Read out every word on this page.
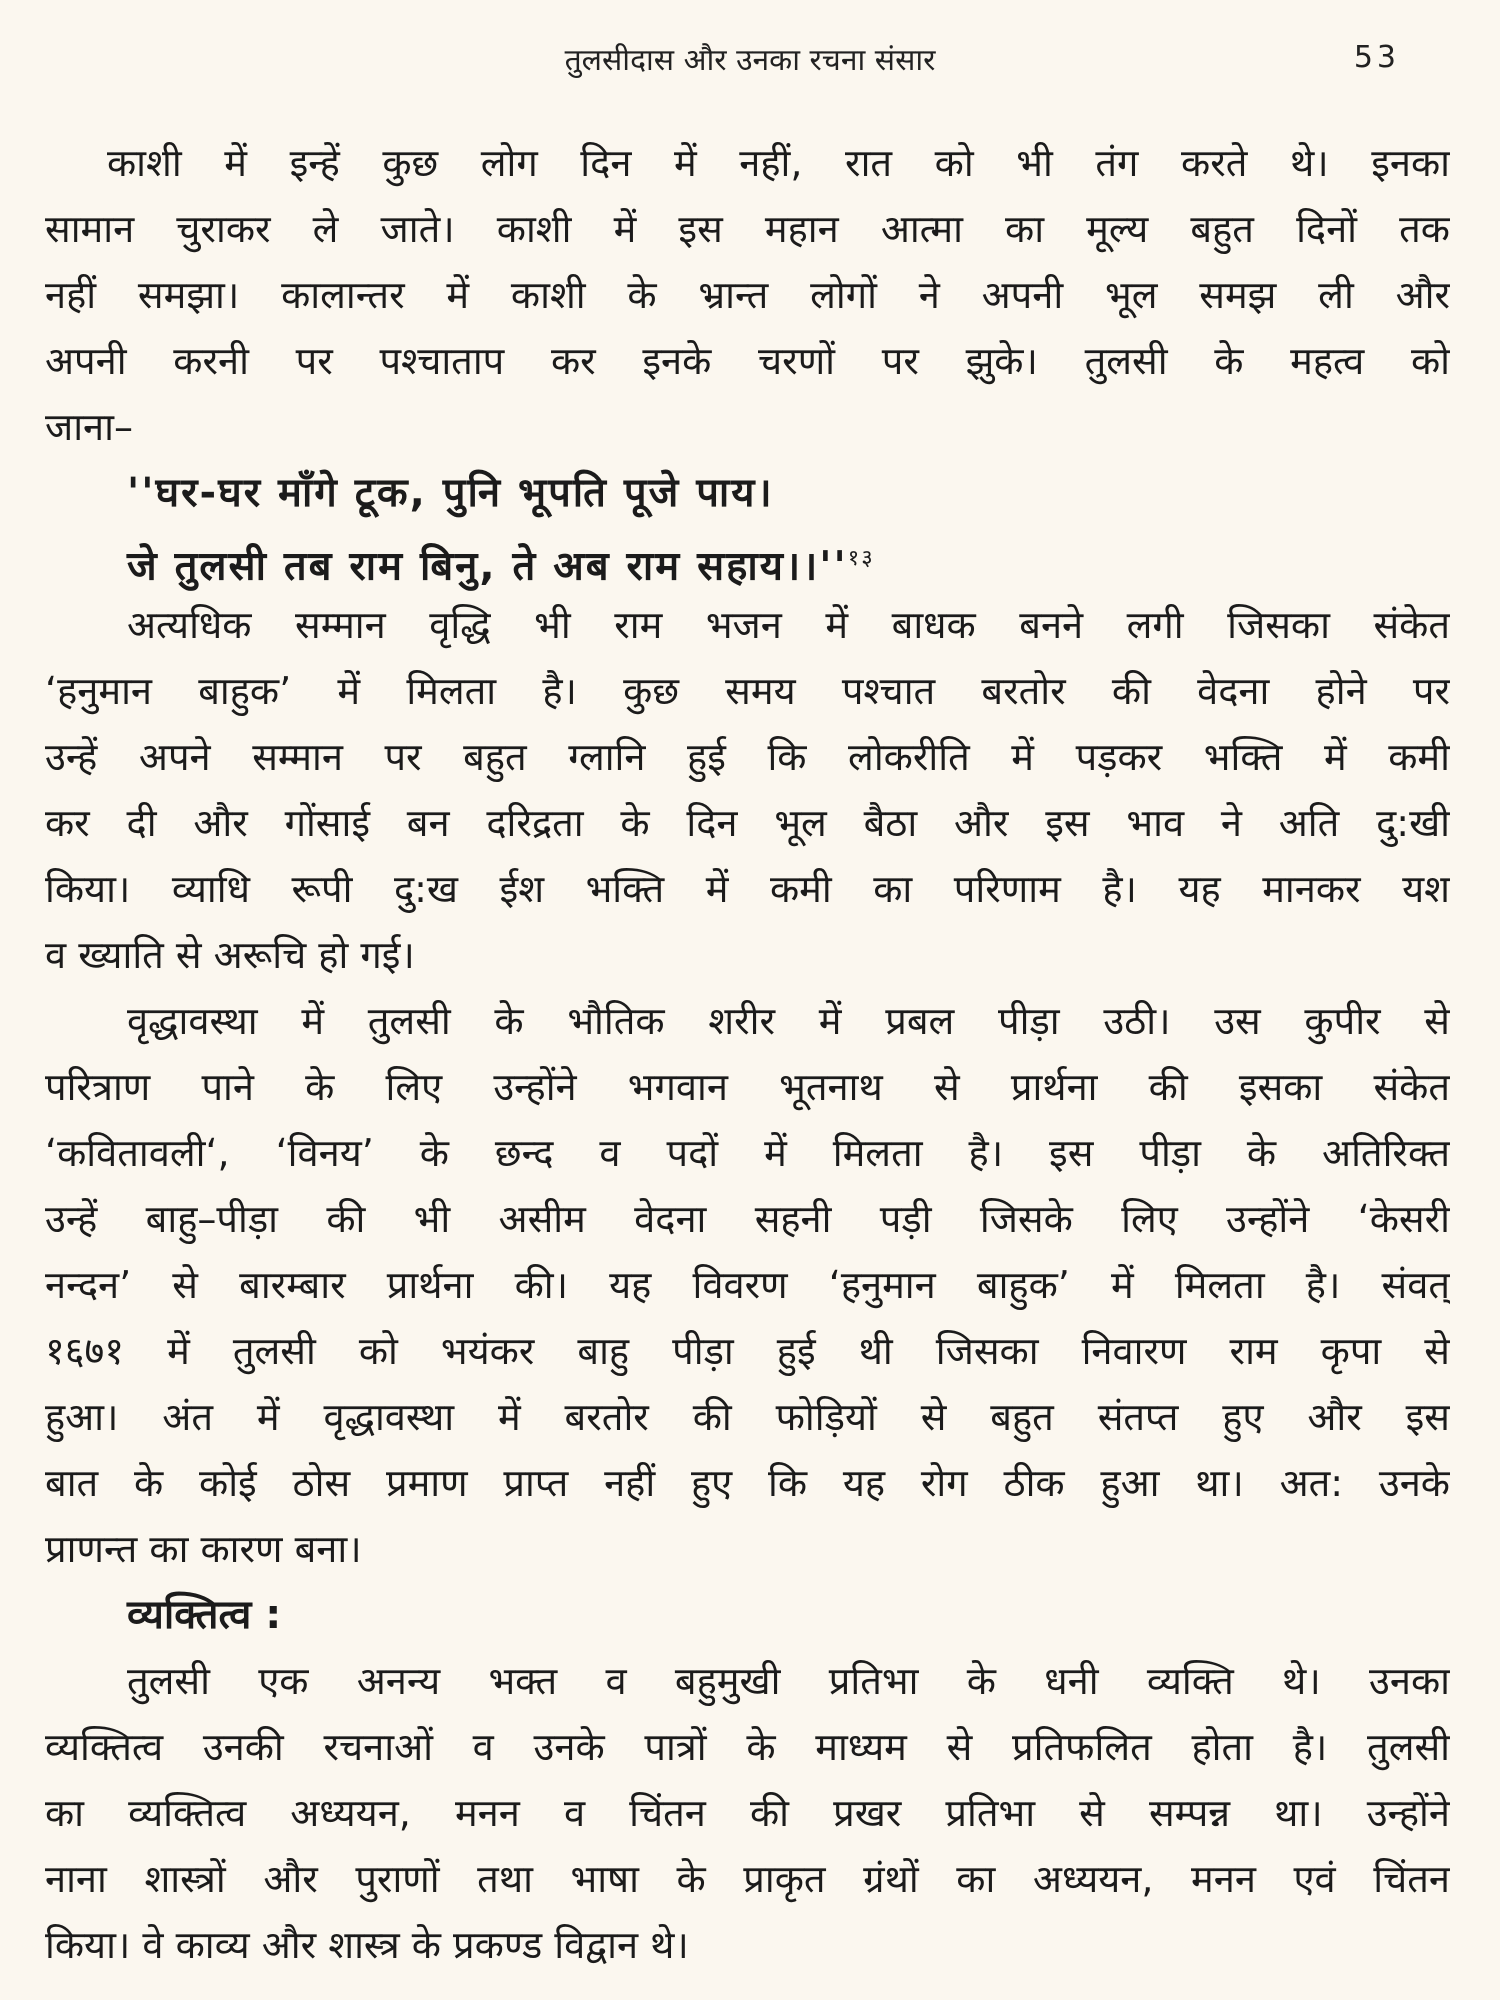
तुलसीदास और उनका रचना संसार	53
काशी में इन्हें कुछ लोग दिन में नहीं, रात को भी तंग करते थे। इनका
सामान चुराकर ले जाते। काशी में इस महान आत्मा का मूल्य बहुत दिनों तक
नहीं समझा। कालान्तर में काशी के भ्रान्त लोगों ने अपनी भूल समझ ली और
अपनी करनी पर पश्चाताप कर इनके चरणों पर झुके। तुलसी के महत्व को
जाना–
''घर-घर माँगे टूक, पुनि भूपति पूजे पाय।
जे तुलसी तब राम बिनु, ते अब राम $सहाय।।''^{१३}$
अत्यधिक सम्मान वृद्धि भी राम भजन में बाधक बनने लगी जिसका संकेत
‘हनुमान बाहुक’ में मिलता है। कुछ समय पश्चात बरतोर की वेदना होने पर
उन्हें अपने सम्मान पर बहुत ग्लानि हुई कि लोकरीति में पड़कर भक्ति में कमी
कर दी और गोंसाई बन दरिद्रता के दिन भूल बैठा और इस भाव ने अति दु:खी
किया। व्याधि रूपी दु:ख ईश भक्ति में कमी का परिणाम है। यह मानकर यश
व ख्याति से अरूचि हो गई।
वृद्धावस्था में तुलसी के भौतिक शरीर में प्रबल पीड़ा उठी। उस कुपीर से
परित्राण पाने के लिए उन्होंने भगवान भूतनाथ से प्रार्थना की इसका संकेत
‘कवितावली‘, ‘विनय’ के छन्द व पदों में मिलता है। इस पीड़ा के अतिरिक्त
उन्हें बाहु–पीड़ा की भी असीम वेदना सहनी पड़ी जिसके लिए उन्होंने ‘केसरी
नन्दन’ से बारम्बार प्रार्थना की। यह विवरण ‘हनुमान बाहुक’ में मिलता है। संवत्
१६७१ में तुलसी को भयंकर बाहु पीड़ा हुई थी जिसका निवारण राम कृपा से
हुआ। अंत में वृद्धावस्था में बरतोर की फोड़ियों से बहुत संतप्त हुए और इस
बात के कोई ठोस प्रमाण प्राप्त नहीं हुए कि यह रोग ठीक हुआ था। अत: उनके
प्राणन्त का कारण बना।
व्यक्तित्व :
तुलसी एक अनन्य भक्त व बहुमुखी प्रतिभा के धनी व्यक्ति थे। उनका
व्यक्तित्व उनकी रचनाओं व उनके पात्रों के माध्यम से प्रतिफलित होता है। तुलसी
का व्यक्तित्व अध्ययन, मनन व चिंतन की प्रखर प्रतिभा से सम्पन्न था। उन्होंने
नाना शास्त्रों और पुराणों तथा भाषा के प्राकृत ग्रंथों का अध्ययन, मनन एवं चिंतन
किया। वे काव्य और शास्त्र के प्रकण्ड विद्वान थे।
